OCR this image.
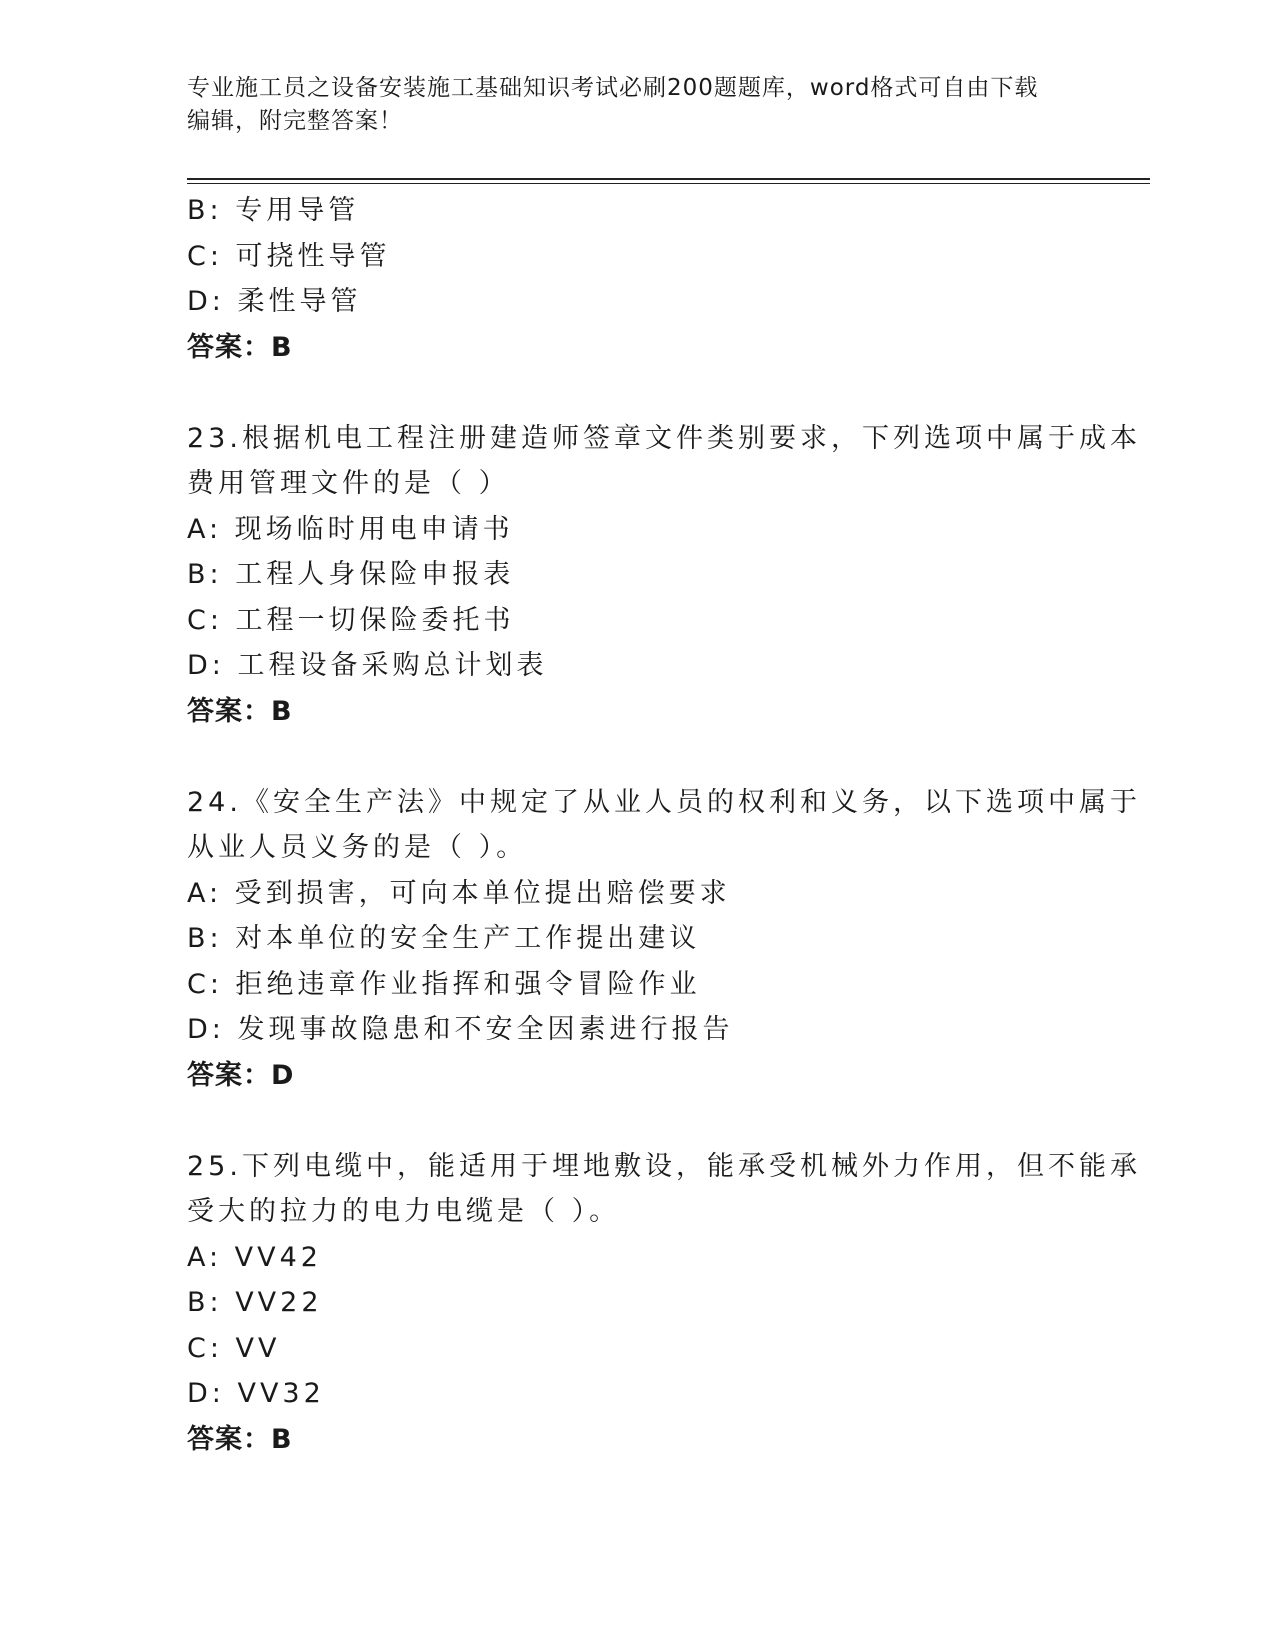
专业施工员之设备安装施工基础知识考试必刷200题题库，word格式可自由下载
编辑，附完整答案！
B: 专用导管
C: 可挠性导管
D: 柔性导管
答案：B
23.根据机电工程注册建造师签章文件类别要求，下列选项中属于成本
费用管理文件的是（ ）
A: 现场临时用电申请书
B: 工程人身保险申报表
C: 工程一切保险委托书
D: 工程设备采购总计划表
答案：B
24.《安全生产法》中规定了从业人员的权利和义务，以下选项中属于
从业人员义务的是（ ）。
A: 受到损害，可向本单位提出赔偿要求
B: 对本单位的安全生产工作提出建议
C: 拒绝违章作业指挥和强令冒险作业
D: 发现事故隐患和不安全因素进行报告
答案：D
25.下列电缆中，能适用于埋地敷设，能承受机械外力作用，但不能承
受大的拉力的电力电缆是（ ）。
A: VV42
B: VV22
C: VV
D: VV32
答案：B
